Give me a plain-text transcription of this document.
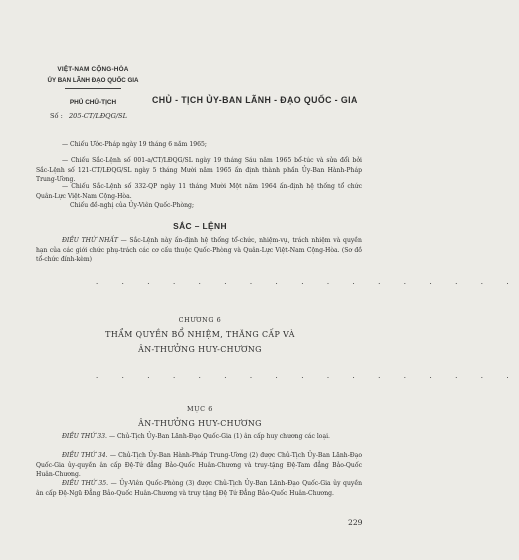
VIỆT-NAM CỘNG-HÒA
ỦY BAN LÃNH ĐẠO QUỐC GIA
PHỦ CHỦ-TỊCH
Số : 205-CT/LĐQG/SL
CHỦ - TỊCH ỦY-BAN LÃNH - ĐẠO QUỐC - GIA
— Chiếu Ước-Pháp ngày 19 tháng 6 năm 1965;
— Chiếu Sắc-Lệnh số 001-a/CT/LĐQG/SL ngày 19 tháng Sáu năm 1965 bổ-túc và sửa đổi bởi Sắc-Lệnh số 121-CT/LĐQG/SL ngày 5 tháng Mười năm 1965 ấn định thành phần Ủy-Ban Hành-Pháp Trung-Ương.
— Chiếu Sắc-Lệnh số 332-QP ngày 11 tháng Mười Một năm 1964 ấn-định hệ thống tổ chức Quân-Lực Việt-Nam Cộng-Hòa.
Chiếu đề-nghị của Ủy-Viên Quốc-Phòng;
SẮC – LỆNH
ĐIỀU THỨ NHẤT — Sắc-Lệnh này ấn-định hệ thống tổ-chức, nhiệm-vụ, trách nhiệm và quyền hạn của các giới chức phụ-trách các cơ cấu thuộc Quốc-Phòng và Quân-Lực Việt-Nam Cộng-Hòa. (Sơ đồ tổ-chức đính-kèm)
. . . . . . . . . . . . . . . . .
CHƯƠNG 6
THẨM QUYỀN BỔ NHIỆM, THĂNG CẤP VÀ
ÂN-THƯỞNG HUY-CHƯƠNG
. . . . . . . . . . . . . . . . .
MỤC 6
ÂN-THƯỞNG HUY-CHƯƠNG
ĐIỀU THỨ 33. — Chủ-Tịch Ủy-Ban Lãnh-Đạo Quốc-Gia (1) ân cấp huy chương các loại.
ĐIỀU THỨ 34. — Chủ-Tịch Ủy-Ban Hành-Pháp Trung-Ương (2) được Chủ-Tịch Ủy-Ban Lãnh-Đạo Quốc-Gia ủy-quyền ân cấp Đệ-Tứ đẳng Bảo-Quốc Huân-Chương và truy-tặng Đệ-Tam đẳng Bảo-Quốc Huân-Chương.
ĐIỀU THỨ 35. — Ủy-Viên Quốc-Phòng (3) được Chủ-Tịch Ủy-Ban Lãnh-Đạo Quốc-Gia ủy quyền ân cấp Đệ-Ngũ Đẳng Bảo-Quốc Huân-Chương và truy tặng Đệ Tứ Đẳng Bảo-Quốc Huân-Chương.
229
